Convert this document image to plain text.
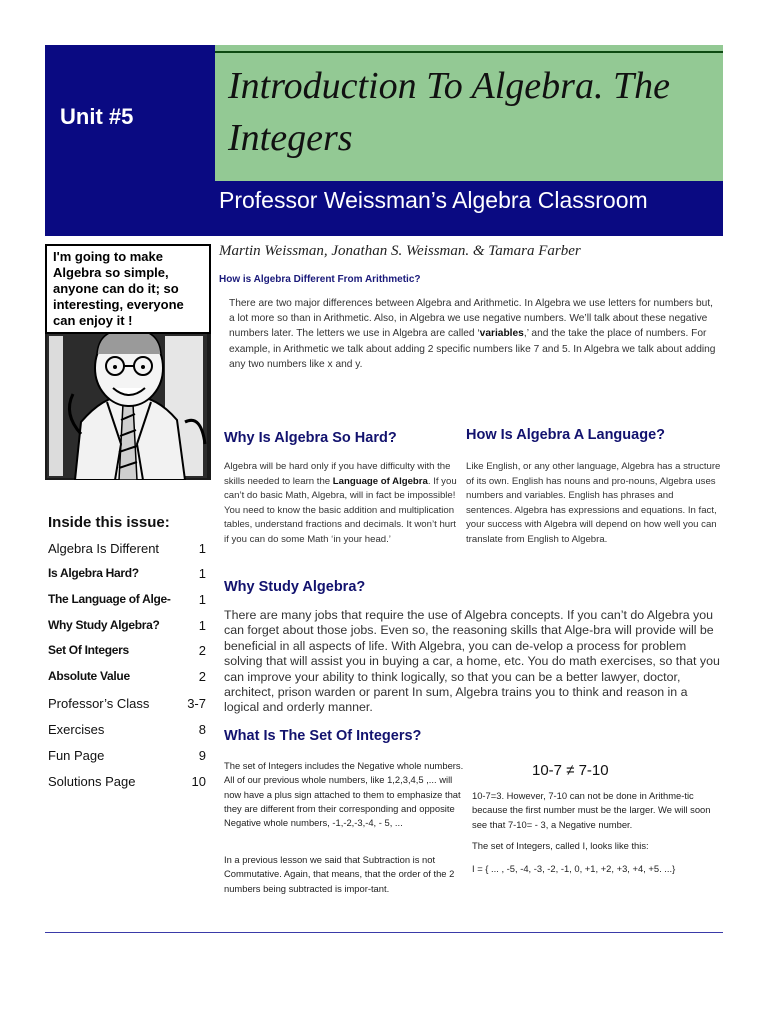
Unit #5
Introduction To Algebra. The Integers
Professor Weissman’s Algebra Classroom
I'm going to make Algebra so simple, anyone can do it; so interesting, everyone can enjoy it !
Martin Weissman, Jonathan S. Weissman. & Tamara Farber
How is Algebra Different From Arithmetic?
There are two major differences between Algebra and Arithmetic. In Algebra we use letters for numbers but, a lot more so than in Arithmetic. Also, in Algebra we use negative numbers. We’ll talk about these negative numbers later. The letters we use in Algebra are called ‘variables,’ and the take the place of numbers. For example, in Arithmetic we talk about adding 2 specific numbers like 7 and 5. In Algebra we talk about adding any two numbers like x and y.
Why Is Algebra So Hard?
Algebra will be hard only if you have difficulty with the skills needed to learn the Language of Algebra. If you can’t do basic Math, Algebra, will in fact be impossible! You need to know the basic addition and multiplication tables, understand fractions and decimals. It won’t hurt if you can do some Math ‘in your head.’
How Is Algebra A Language?
Like English, or any other language, Algebra has a structure of its own. English has nouns and pro-nouns, Algebra uses numbers and variables. English has phrases and sentences. Algebra has expressions and equations. In fact, your success with Algebra will depend on how well you can translate from English to Algebra.
Why Study Algebra?
There are many jobs that require the use of Algebra concepts. If you can’t do Algebra you can forget about those jobs. Even so, the reasoning skills that Alge-bra will provide will be beneficial in all aspects of life. With Algebra, you can de-velop a process for problem solving that will assist you in buying a car, a home, etc. You do math exercises, so that you can improve your ability to think logically, so that you can be a better lawyer, doctor, architect, prison warden or parent In sum, Algebra trains you to think and reason in a logical and orderly manner.
What Is The Set Of Integers?
The set of Integers includes the Negative whole numbers. All of our previous whole numbers, like 1,2,3,4,5 ,... will now have a plus sign attached to them to emphasize that they are different from their corresponding and opposite Negative whole numbers, -1,-2,-3,-4, - 5, ...
In a previous lesson we said that Subtraction is not Commutative. Again, that means, that the order of the 2 numbers being subtracted is impor-tant.
10-7 ≠ 7-10
10-7=3. However, 7-10 can not be done in Arithme-tic because the first number must be the larger. We will soon see that 7-10= - 3, a Negative number.
The set of Integers, called I, looks like this:
I = { ... , -5, -4, -3, -2, -1, 0, +1, +2, +3, +4, +5. ...}
Inside this issue:
Algebra Is Different	1
Is Algebra Hard?	1
The Language of Alge- 1
Why Study Algebra?	1
Set Of Integers	2
Absolute Value	2
Professor’s Class	3-7
Exercises	8
Fun Page	9
Solutions Page	10
